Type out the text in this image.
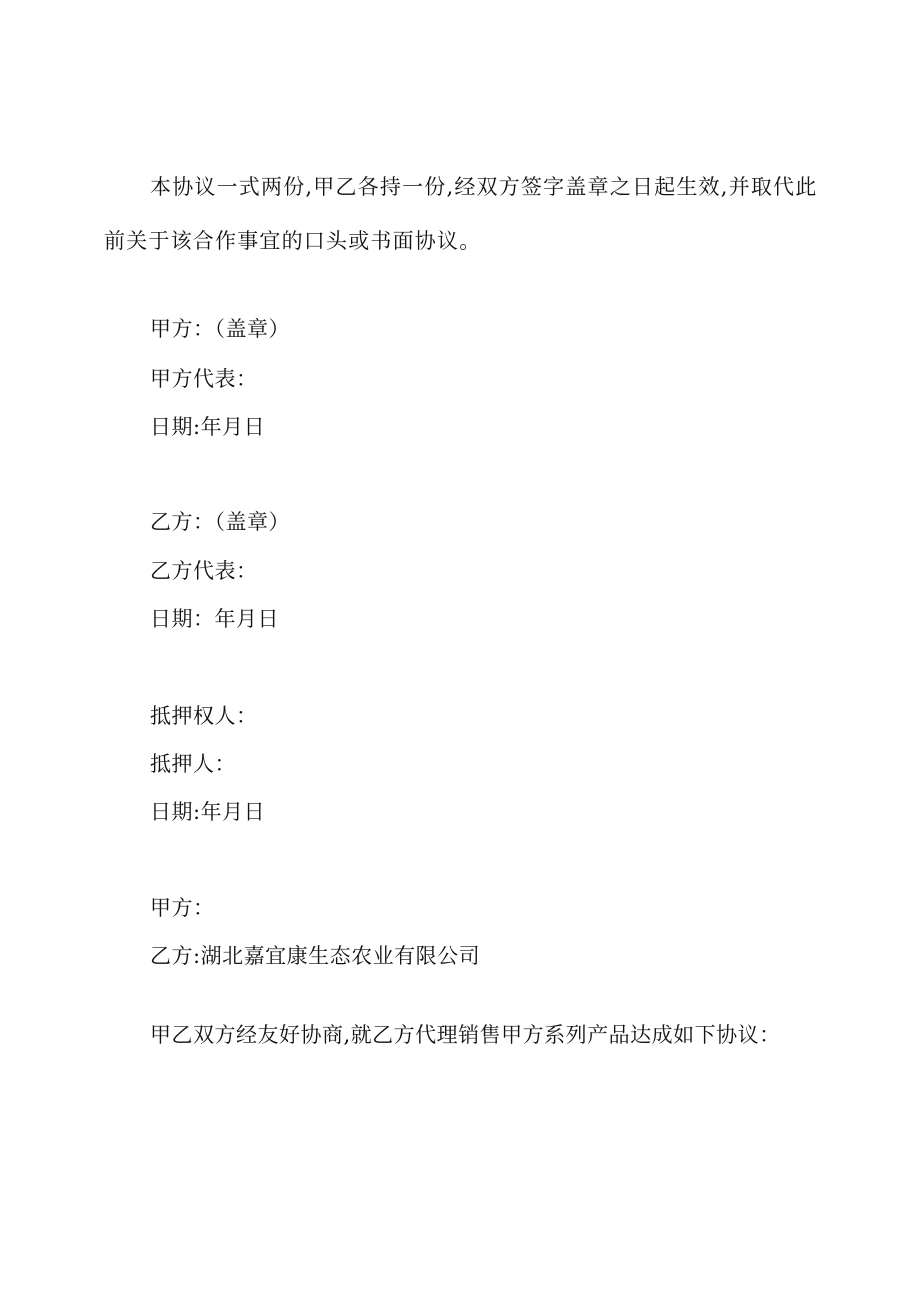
本协议一式两份,甲乙各持一份,经双方签字盖章之日起生效,并取代此
前关于该合作事宜的口头或书面协议。
甲方：（盖章）
甲方代表：
日期:年月日
乙方：（盖章）
乙方代表：
日期：年月日
抵押权人：
抵押人：
日期:年月日
甲方：
乙方:湖北嘉宜康生态农业有限公司
甲乙双方经友好协商,就乙方代理销售甲方系列产品达成如下协议：
